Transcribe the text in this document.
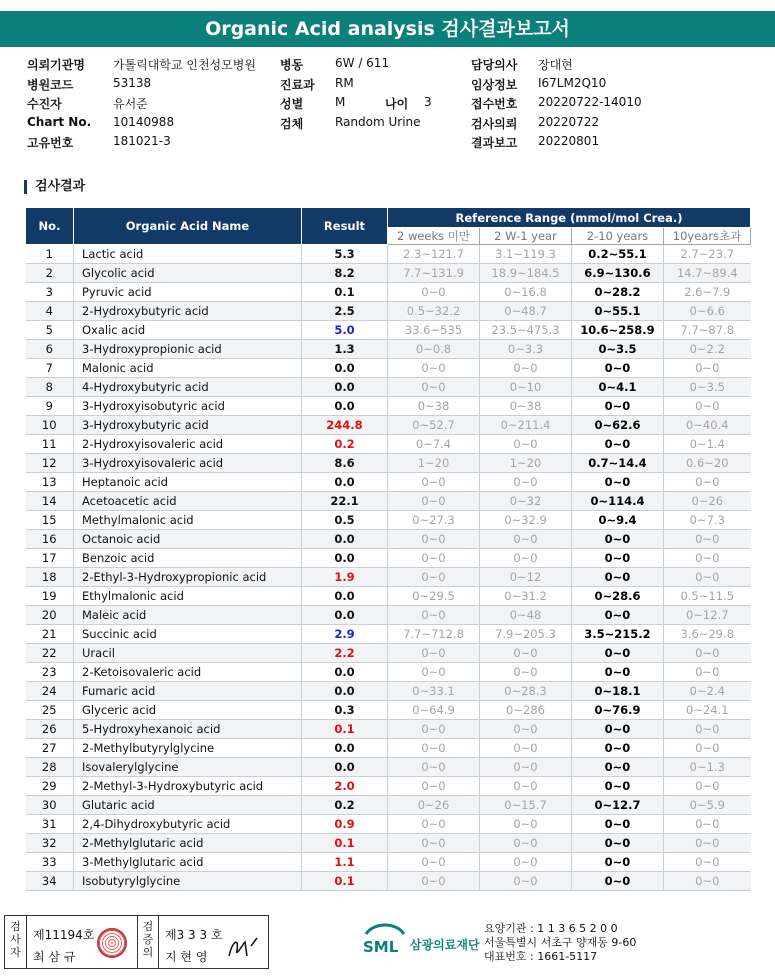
Organic Acid analysis 검사결과보고서
의뢰기관명 가톨릭대학교 인천성모병원 병동	6W / 611	담당의사 장대현
병원코드	53138	진료과 RM	임상정보 I67LM2Q10
수진자	유서준	성별	M	나이 3	접수번호 20220722-14010
Chart No. 10140988	검체	Random Urine	검사의뢰 20220722
고유번호	181021-3	결과보고 20220801
검사결과
No.	Organic Acid Name	Result	Reference Range (mmol/mol Crea.)			
			2 weeks 미만	2 W-1 year	2-10 years	10years초과
1	Lactic acid	5.3	2.3~121.7	3.1~119.3	0.2~55.1	2.7~23.7
2	Glycolic acid	8.2	7.7~131.9	18.9~184.5	6.9~130.6	14.7~89.4
3	Pyruvic acid	0.1	0~0	0~16.8	0~28.2	2.6~7.9
4	2-Hydroxybutyric acid	2.5	0.5~32.2	0~48.7	0~55.1	0~6.6
5	Oxalic acid	5.0	33.6~535	23.5~475.3	10.6~258.9	7.7~87.8
6	3-Hydroxypropionic acid	1.3	0~0.8	0~3.3	0~3.5	0~2.2
7	Malonic acid	0.0	0~0	0~0	0~0	0~0
8	4-Hydroxybutyric acid	0.0	0~0	0~10	0~4.1	0~3.5
9	3-Hydroxyisobutyric acid	0.0	0~38	0~38	0~0	0~0
10	3-Hydroxybutyric acid	244.8	0~52.7	0~211.4	0~62.6	0~40.4
11	2-Hydroxyisovaleric acid	0.2	0~7.4	0~0	0~0	0~1.4
12	3-Hydroxyisovaleric acid	8.6	1~20	1~20	0.7~14.4	0.6~20
13	Heptanoic acid	0.0	0~0	0~0	0~0	0~0
14	Acetoacetic acid	22.1	0~0	0~32	0~114.4	0~26
15	Methylmalonic acid	0.5	0~27.3	0~32.9	0~9.4	0~7.3
16	Octanoic acid	0.0	0~0	0~0	0~0	0~0
17	Benzoic acid	0.0	0~0	0~0	0~0	0~0
18	2-Ethyl-3-Hydroxypropionic acid	1.9	0~0	0~12	0~0	0~0
19	Ethylmalonic acid	0.0	0~29.5	0~31.2	0~28.6	0.5~11.5
20	Maleic acid	0.0	0~0	0~48	0~0	0~12.7
21	Succinic acid	2.9	7.7~712.8	7.9~205.3	3.5~215.2	3.6~29.8
22	Uracil	2.2	0~0	0~0	0~0	0~0
23	2-Ketoisovaleric acid	0.0	0~0	0~0	0~0	0~0
24	Fumaric acid	0.0	0~33.1	0~28.3	0~18.1	0~2.4
25	Glyceric acid	0.3	0~64.9	0~286	0~76.9	0~24.1
26	5-Hydroxyhexanoic acid	0.1	0~0	0~0	0~0	0~0
27	2-Methylbutyrylglycine	0.0	0~0	0~0	0~0	0~0
28	Isovalerylglycine	0.0	0~0	0~0	0~0	0~1.3
29	2-Methyl-3-Hydroxybutyric acid	2.0	0~0	0~0	0~0	0~0
30	Glutaric acid	0.2	0~26	0~15.7	0~12.7	0~5.9
31	2,4-Dihydroxybutyric acid	0.9	0~0	0~0	0~0	0~0
32	2-Methylglutaric acid	0.1	0~0	0~0	0~0	0~0
33	3-Methylglutaric acid	1.1	0~0	0~0	0~0	0~0
34	Isobutyrylglycine	0.1	0~0	0~0	0~0	0~0
검
사
자
제11194호
최 삼 규
검
증
의
제3 3 3 호
지 현 영
SML 삼광의료재단
요양기관 : 1 1 3 6 5 2 0 0
서울특별시 서초구 양재동 9-60
대표번호 : 1661-5117
